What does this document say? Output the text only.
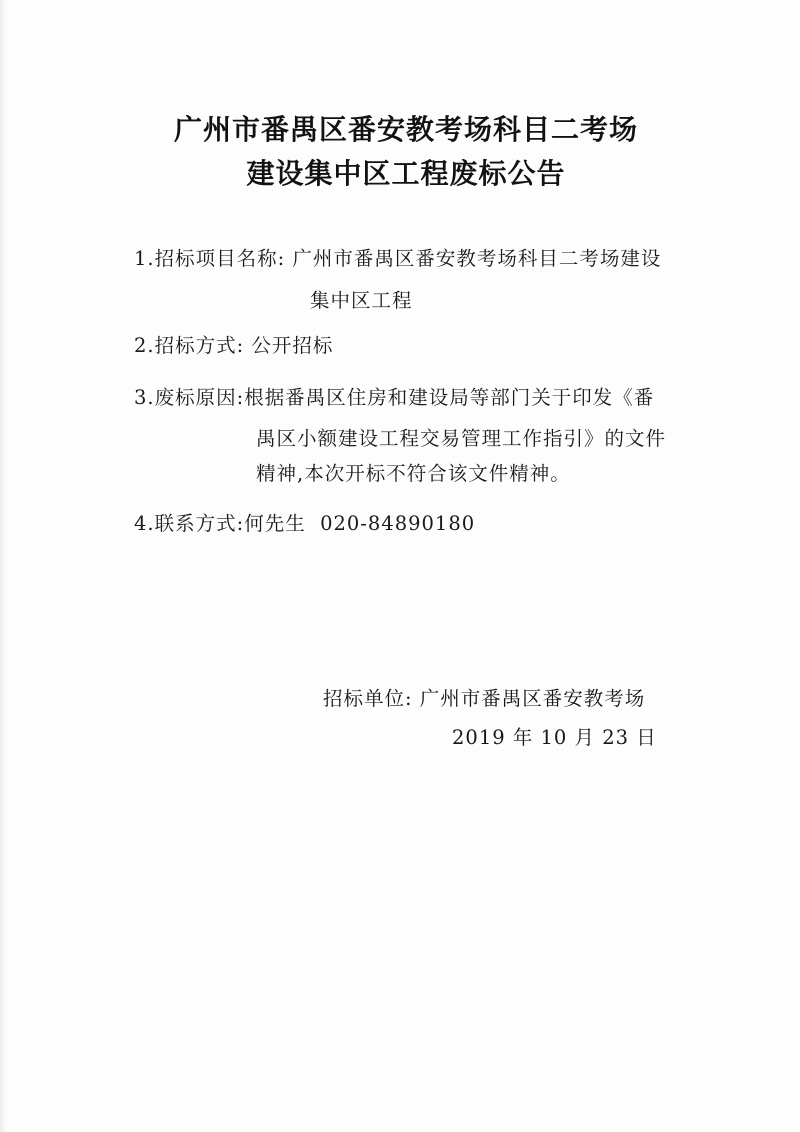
广州市番禺区番安教考场科目二考场
建设集中区工程废标公告
1.招标项目名称: 广州市番禺区番安教考场科目二考场建设
集中区工程
2.招标方式: 公开招标
3.废标原因:根据番禺区住房和建设局等部门关于印发《番
禺区小额建设工程交易管理工作指引》的文件
精神,本次开标不符合该文件精神。
4.联系方式:何先生  020-84890180
招标单位: 广州市番禺区番安教考场
2019 年 10 月 23 日
